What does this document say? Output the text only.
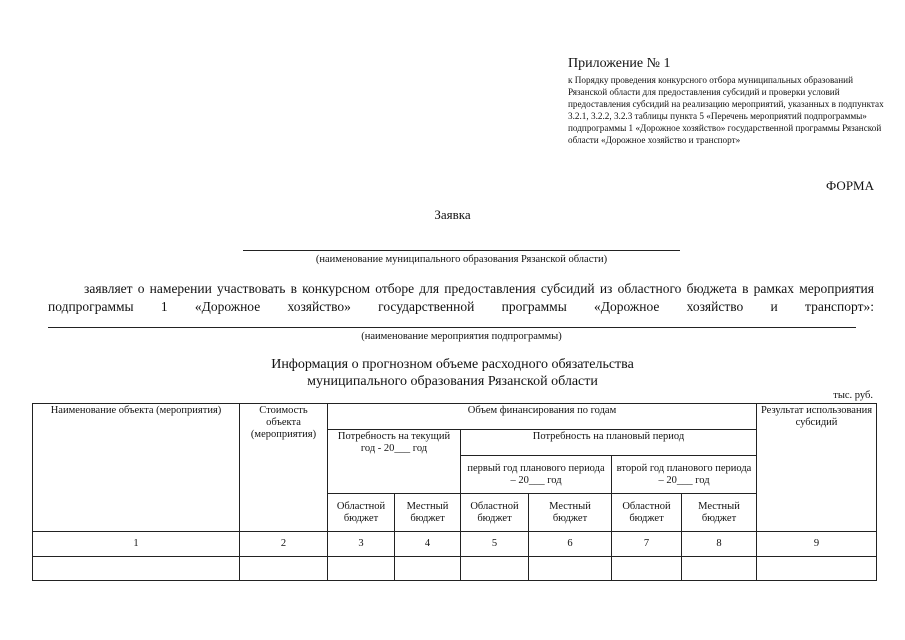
Приложение № 1
к Порядку проведения конкурсного отбора муниципальных образований Рязанской области для предоставления субсидий и проверки условий предоставления субсидий на реализацию мероприятий, указанных в подпунктах 3.2.1, 3.2.2, 3.2.3 таблицы пункта 5 «Перечень мероприятий подпрограммы» подпрограммы 1 «Дорожное хозяйство» государственной программы Рязанской области «Дорожное хозяйство и транспорт»
ФОРМА
Заявка
(наименование муниципального образования Рязанской области)
заявляет о намерении участвовать в конкурсном отборе для предоставления субсидий из областного бюджета в рамках мероприятия подпрограммы 1 «Дорожное хозяйство» государственной программы «Дорожное хозяйство и транспорт»:
(наименование мероприятия подпрограммы)
Информация о прогнозном объеме расходного обязательства
муниципального образования Рязанской области
тыс. руб.
Наименование объекта (мероприятия)	Стоимость объекта (мероприятия)	Объем финансирования по годам						Результат использования субсидий
		Потребность на текущий год - 20___ год		Потребность на плановый период				
				первый год планового периода – 20___ год		второй год планового периода – 20___ год		
		Областной бюджет	Местный бюджет	Областной бюджет	Местный бюджет	Областной бюджет	Местный бюджет	
1	2	3	4	5	6	7	8	9
